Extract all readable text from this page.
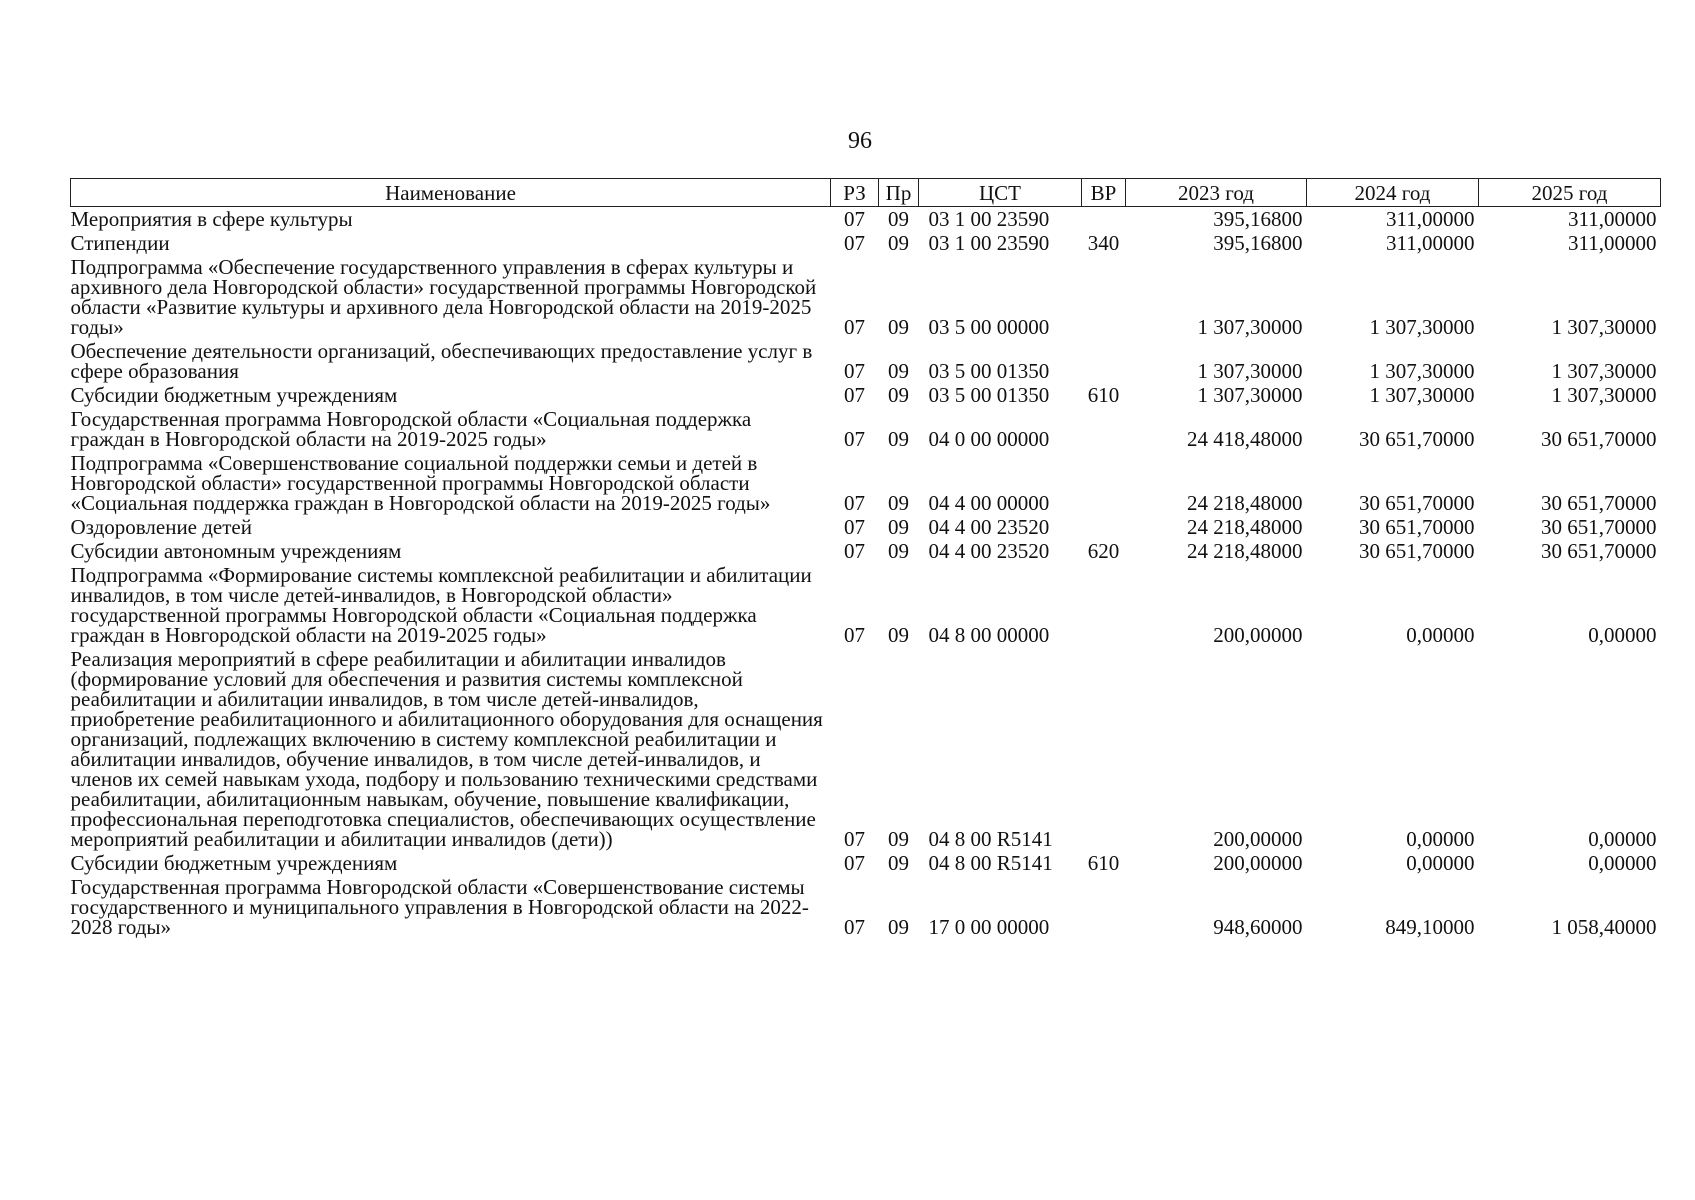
96
Наименование	РЗ	Пр	ЦСТ	ВР	2023 год	2024 год	2025 год
Мероприятия в сфере культуры	07	09	03 1 00 23590		395,16800	311,00000	311,00000
Стипендии	07	09	03 1 00 23590	340	395,16800	311,00000	311,00000
Подпрограмма «Обеспечение государственного управления в сферах культуры и архивного дела Новгородской области» государственной программы Новгородской области «Развитие культуры и архивного дела Новгородской области на 2019-2025 годы»	07	09	03 5 00 00000		1 307,30000	1 307,30000	1 307,30000
Обеспечение деятельности организаций, обеспечивающих предоставление услуг в сфере образования	07	09	03 5 00 01350		1 307,30000	1 307,30000	1 307,30000
Субсидии бюджетным учреждениям	07	09	03 5 00 01350	610	1 307,30000	1 307,30000	1 307,30000
Государственная программа Новгородской области «Социальная поддержка граждан в Новгородской области на 2019-2025 годы»	07	09	04 0 00 00000		24 418,48000	30 651,70000	30 651,70000
Подпрограмма «Совершенствование социальной поддержки семьи и детей в Новгородской области» государственной программы Новгородской области «Социальная поддержка граждан в Новгородской области на 2019-2025 годы»	07	09	04 4 00 00000		24 218,48000	30 651,70000	30 651,70000
Оздоровление детей	07	09	04 4 00 23520		24 218,48000	30 651,70000	30 651,70000
Субсидии автономным учреждениям	07	09	04 4 00 23520	620	24 218,48000	30 651,70000	30 651,70000
Подпрограмма «Формирование системы комплексной реабилитации и абилитации инвалидов, в том числе детей-инвалидов, в Новгородской области» государственной программы Новгородской области «Социальная поддержка граждан в Новгородской области на 2019-2025 годы»	07	09	04 8 00 00000		200,00000	0,00000	0,00000
Реализация мероприятий в сфере реабилитации и абилитации инвалидов (формирование условий для обеспечения и развития системы комплексной реабилитации и абилитации инвалидов, в том числе детей-инвалидов, приобретение реабилитационного и абилитационного оборудования для оснащения организаций, подлежащих включению в систему комплексной реабилитации и абилитации инвалидов, обучение инвалидов, в том числе детей-инвалидов, и членов их семей навыкам ухода, подбору и пользованию техническими средствами реабилитации, абилитационным навыкам, обучение, повышение квалификации, профессиональная переподготовка специалистов, обеспечивающих осуществление мероприятий реабилитации и абилитации инвалидов (дети))	07	09	04 8 00 R5141		200,00000	0,00000	0,00000
Субсидии бюджетным учреждениям	07	09	04 8 00 R5141	610	200,00000	0,00000	0,00000
Государственная программа Новгородской области «Совершенствование системы государственного и муниципального управления в Новгородской области на 2022-2028 годы»	07	09	17 0 00 00000		948,60000	849,10000	1 058,40000
